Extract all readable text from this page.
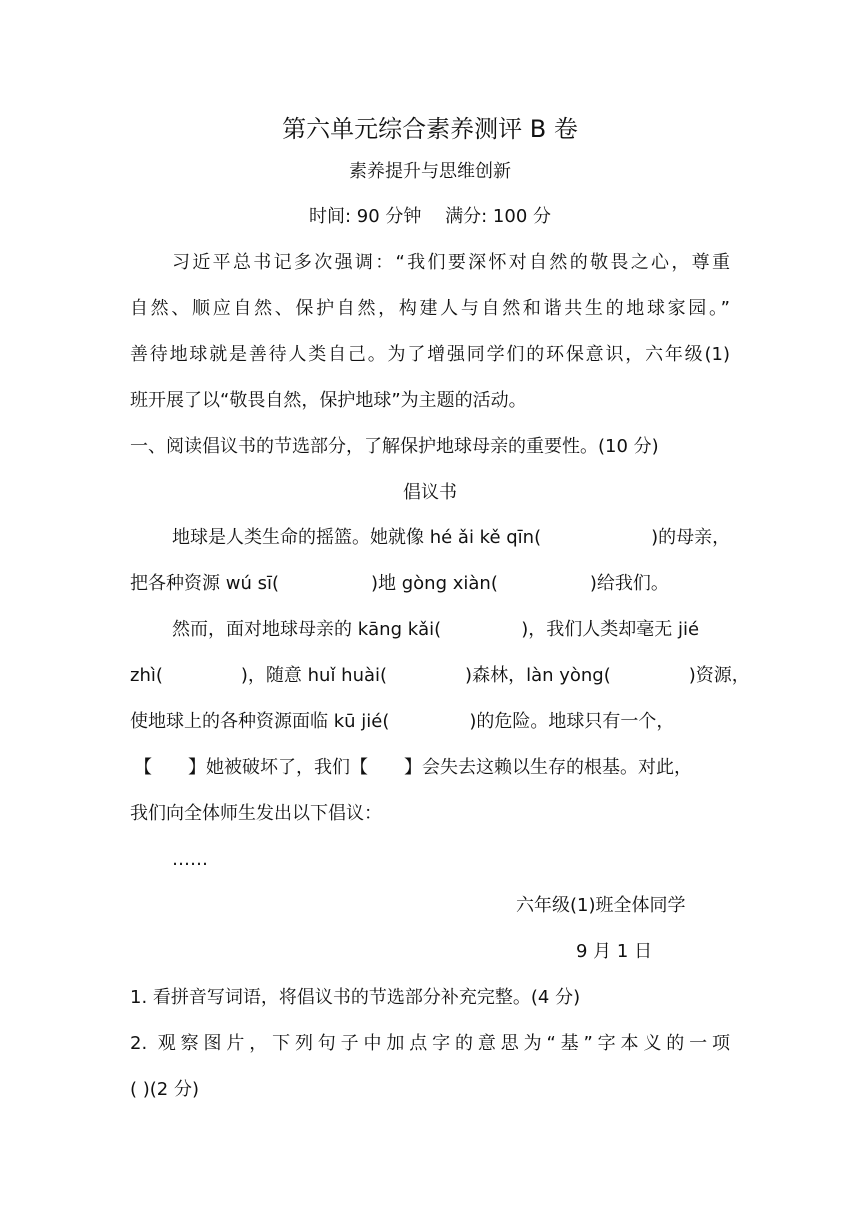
第六单元综合素养测评 B 卷
素养提升与思维创新
时间: 90 分钟　 满分: 100 分
习近平总书记多次强调：“我们要深怀对自然的敬畏之心，尊重
自然、顺应自然、保护自然，构建人与自然和谐共生的地球家园。”
善待地球就是善待人类自己。为了增强同学们的环保意识，六年级(1)
班开展了以“敬畏自然，保护地球”为主题的活动。
一、阅读倡议书的节选部分，了解保护地球母亲的重要性。(10 分)
倡议书
地球是人类生命的摇篮。她就像 hé ǎi kě qīn(	)的母亲，
把各种资源 wú sī(	)地 gòng xiàn(	)给我们。
然而，面对地球母亲的 kāng kǎi(	)，我们人类却毫无 jié
zhì(	)，随意 huǐ huài(	)森林，làn yòng(	)资源，
使地球上的各种资源面临 kū jié(	)的危险。地球只有一个，
【 】她被破坏了，我们【 】会失去这赖以生存的根基。对此，
我们向全体师生发出以下倡议：
……
六年级(1)班全体同学
9 月 1 日
1. 看拼音写词语，将倡议书的节选部分补充完整。(4 分)
2. 观察图片，下列句子中加点字的意思为“基”字本义的一项
( )(2 分)
